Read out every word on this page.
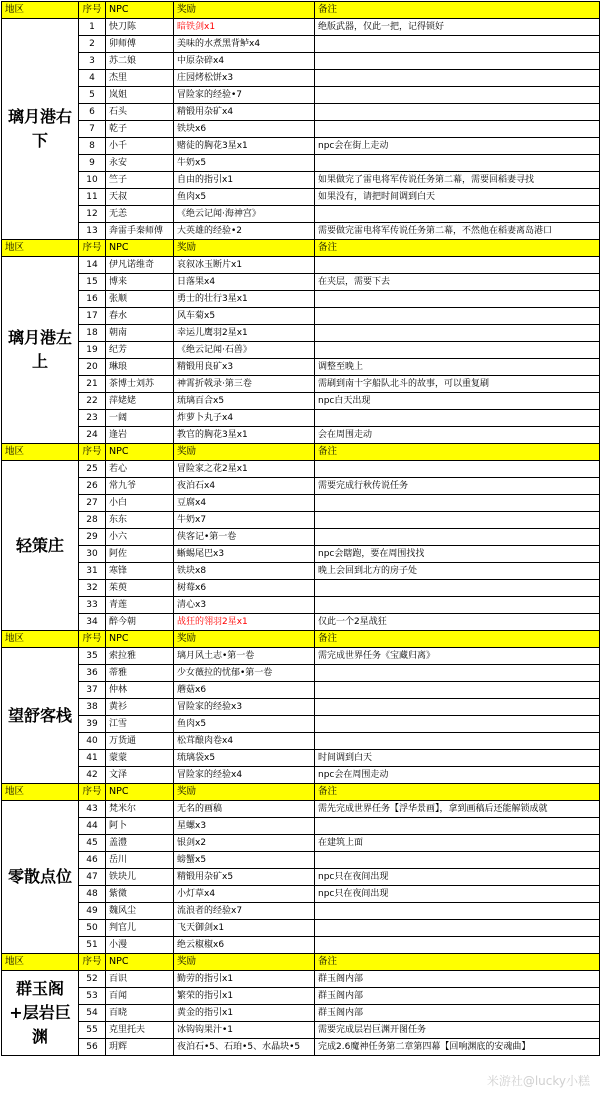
地区	序号	NPC	奖励	备注
璃月港右下	1	快刀陈	暗铁剑x1	绝版武器，仅此一把，记得锁好
	2	卯师傅	美味的水煮黑背鲈x4	
	3	苏二娘	中原杂碎x4	
	4	杰里	庄园烤松饼x3	
	5	岚姐	冒险家的经验•7	
	6	石头	精锻用杂矿x4	
	7	乾子	铁块x6	
	8	小千	赌徒的胸花3星x1	npc会在街上走动
	9	永安	牛奶x5	
	10	竺子	自由的指引x1	如果做完了雷电将军传说任务第二幕，需要回稻妻寻找
	11	天叔	鱼肉x5	如果没有，请把时间调到白天
	12	无恙	《绝云记闻·海神宫》	
	13	奔雷手秦师傅	大英雄的经验•2	需要做完雷电将军传说任务第二幕，不然他在稻妻离岛港口
地区	序号	NPC	奖励	备注
璃月港左上	14	伊凡诺维奇	哀叙冰玉断片x1	
	15	博来	日落果x4	在夹层，需要下去
	16	张顺	勇士的壮行3星x1	
	17	春水	风车菊x5	
	18	朝南	幸运儿鹰羽2星x1	
	19	纪芳	《绝云记闻·石兽》	
	20	琳琅	精锻用良矿x3	调整至晚上
	21	茶博士刘苏	神霄折戟录·第三卷	需刷到南十字船队北斗的故事，可以重复刷
	22	萍姥姥	琉璃百合x5	npc白天出现
	23	一阔	炸萝卜丸子x4	
	24	逢岩	教官的胸花3星x1	会在周围走动
地区	序号	NPC	奖励	备注
轻策庄	25	若心	冒险家之花2星x1	
	26	常九爷	夜泊石x4	需要完成行秋传说任务
	27	小白	豆腐x4	
	28	东东	牛奶x7	
	29	小六	侠客记•第一卷	
	30	阿佐	蜥蜴尾巴x3	npc会瞎跑，要在周围找找
	31	寒锋	铁块x8	晚上会回到北方的房子处
	32	茱萸	树莓x6	
	33	青莲	清心x3	
	34	醉今朝	战狂的翎羽2星x1	仅此一个2星战狂
地区	序号	NPC	奖励	备注
望舒客栈	35	索拉雅	璃月风土志•第一卷	需完成世界任务《宝藏归离》
	36	蒂雅	少女薇拉的忧郁•第一卷	
	37	仲林	蘑菇x6	
	38	黄衫	冒险家的经验x3	
	39	江雪	鱼肉x5	
	40	万货通	松茸酿肉卷x4	
	41	蒙蒙	琉璃袋x5	时间调到白天
	42	文泽	冒险家的经验x4	npc会在周围走动
地区	序号	NPC	奖励	备注
零散点位	43	梵米尔	无名的画稿	需先完成世界任务【浮华景画】，拿到画稿后还能解锁成就
	44	阿卜	星螺x3	
	45	盖澧	银剑x2	在建筑上面
	46	岳川	螃蟹x5	
	47	铁块儿	精锻用杂矿x5	npc只在夜间出现
	48	紫微	小灯草x4	npc只在夜间出现
	49	魏风尘	流浪者的经验x7	
	50	判官儿	飞天御剑x1	
	51	小漫	绝云椒椒x6	
地区	序号	NPC	奖励	备注
群玉阁+层岩巨渊	52	百识	勤劳的指引x1	群玉阁内部
	53	百闻	繁荣的指引x1	群玉阁内部
	54	百晓	黄金的指引x1	群玉阁内部
	55	克里托夫	冰钩钩果汁•1	需要完成层岩巨渊开图任务
	56	玥辉	夜泊石•5、石珀•5、水晶块•5	完成2.6魔神任务第二章第四幕【回响渊底的安魂曲】
米游社@lucky小糕
